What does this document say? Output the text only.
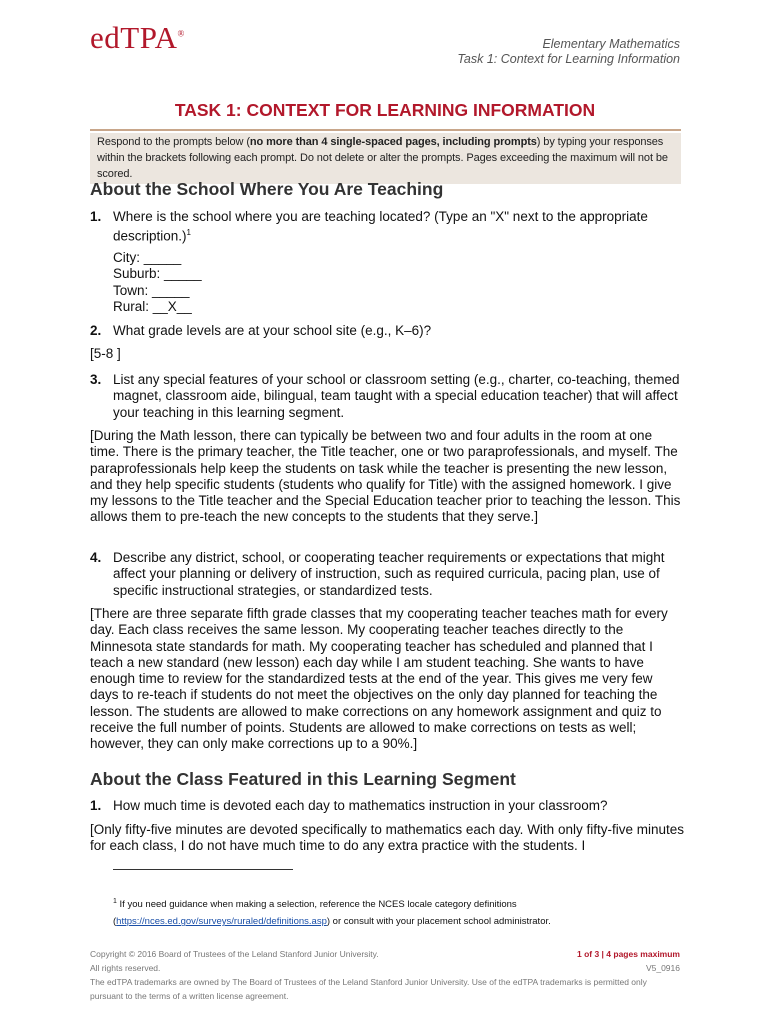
edTPA®
Elementary Mathematics
Task 1: Context for Learning Information
TASK 1: CONTEXT FOR LEARNING INFORMATION
Respond to the prompts below (no more than 4 single-spaced pages, including prompts) by typing your responses within the brackets following each prompt. Do not delete or alter the prompts. Pages exceeding the maximum will not be scored.
About the School Where You Are Teaching
1. Where is the school where you are teaching located? (Type an "X" next to the appropriate description.)$^1$
City: _____
Suburb: _____
Town: _____
Rural: __X__
2. What grade levels are at your school site (e.g., K–6)?
[5-8 ]
3. List any special features of your school or classroom setting (e.g., charter, co-teaching, themed magnet, classroom aide, bilingual, team taught with a special education teacher) that will affect your teaching in this learning segment.
[During the Math lesson, there can typically be between two and four adults in the room at one time. There is the primary teacher, the Title teacher, one or two paraprofessionals, and myself. The paraprofessionals help keep the students on task while the teacher is presenting the new lesson, and they help specific students (students who qualify for Title) with the assigned homework. I give my lessons to the Title teacher and the Special Education teacher prior to teaching the lesson. This allows them to pre-teach the new concepts to the students that they serve.]
4. Describe any district, school, or cooperating teacher requirements or expectations that might affect your planning or delivery of instruction, such as required curricula, pacing plan, use of specific instructional strategies, or standardized tests.
[There are three separate fifth grade classes that my cooperating teacher teaches math for every day. Each class receives the same lesson. My cooperating teacher teaches directly to the Minnesota state standards for math. My cooperating teacher has scheduled and planned that I teach a new standard (new lesson) each day while I am student teaching. She wants to have enough time to review for the standardized tests at the end of the year. This gives me very few days to re-teach if students do not meet the objectives on the only day planned for teaching the lesson. The students are allowed to make corrections on any homework assignment and quiz to receive the full number of points. Students are allowed to make corrections on tests as well; however, they can only make corrections up to a 90%.]
About the Class Featured in this Learning Segment
1. How much time is devoted each day to mathematics instruction in your classroom?
[Only fifty-five minutes are devoted specifically to mathematics each day. With only fifty-five minutes for each class, I do not have much time to do any extra practice with the students. I
$^1$ If you need guidance when making a selection, reference the NCES locale category definitions (https://nces.ed.gov/surveys/ruraled/definitions.asp) or consult with your placement school administrator.
Copyright © 2016 Board of Trustees of the Leland Stanford Junior University.
All rights reserved.
1 of 3 | 4 pages maximum
V5_0916
The edTPA trademarks are owned by The Board of Trustees of the Leland Stanford Junior University. Use of the edTPA trademarks is permitted only pursuant to the terms of a written license agreement.
